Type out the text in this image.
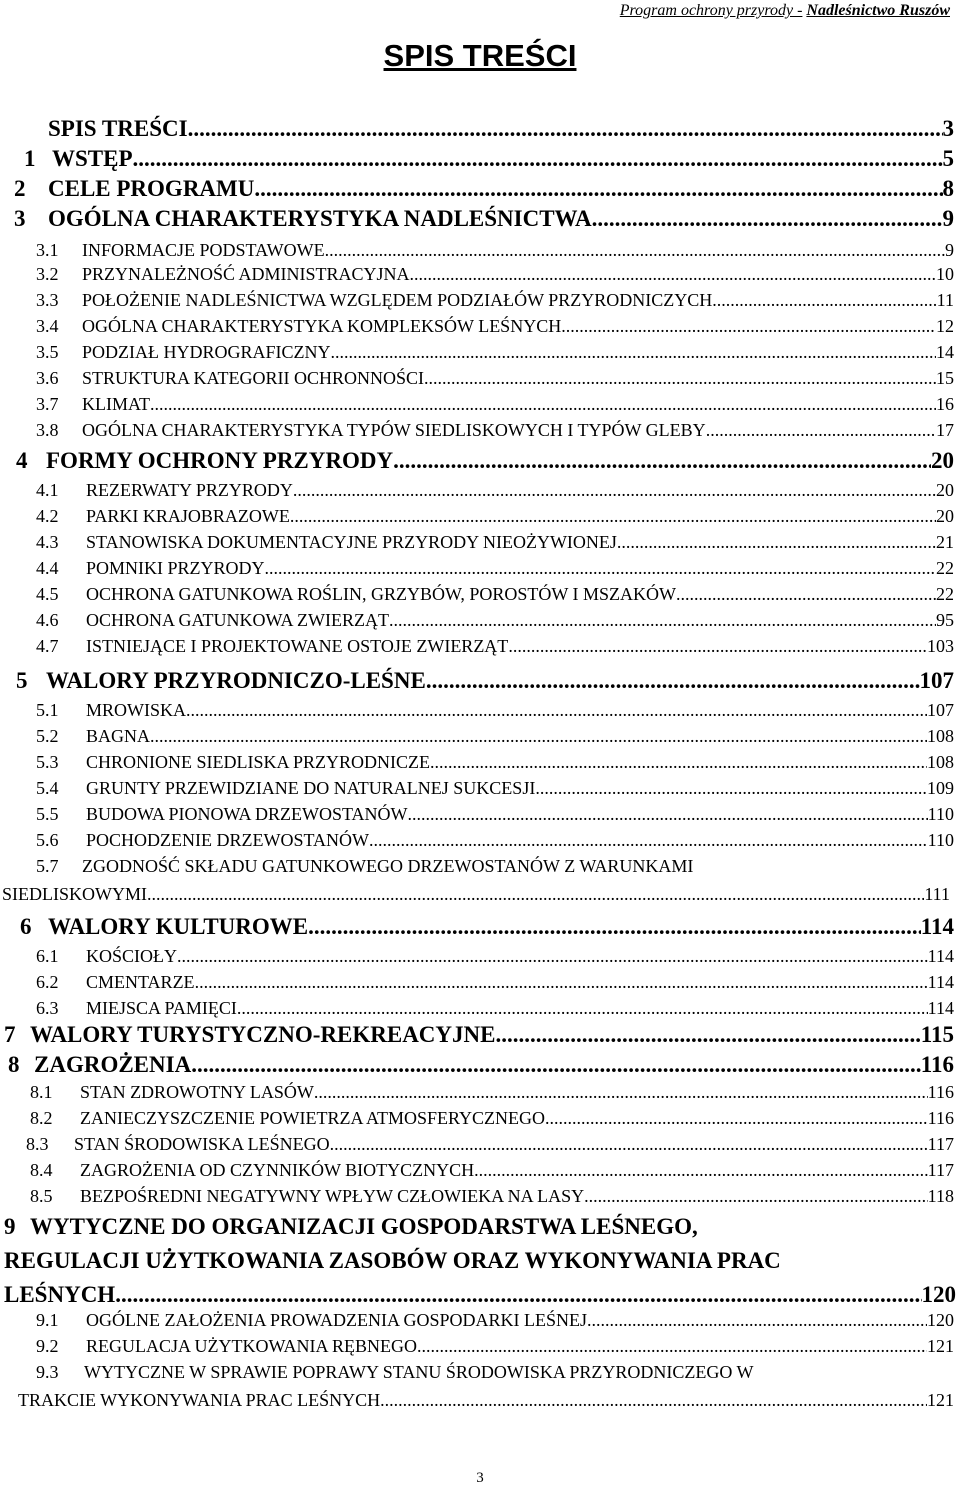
Program ochrony przyrody - Nadleśnictwo Ruszów
SPIS TREŚCI
SPIS TREŚCI .....	3
1 WSTĘP .....	5
2 CELE PROGRAMU .....	8
3 OGÓLNA CHARAKTERYSTYKA NADLEŚNICTWA .....	9
3.1	INFORMACJE PODSTAWOWE .....	9
3.2	PRZYNALEŻNOŚĆ ADMINISTRACYJNA .....	10
3.3	POŁOŻENIE NADLEŚNICTWA WZGLĘDEM PODZIAŁÓW PRZYRODNICZYCH .....	11
3.4	OGÓLNA CHARAKTERYSTYKA KOMPLEKSÓW LEŚNYCH .....	12
3.5	PODZIAŁ HYDROGRAFICZNY .....	14
3.6	STRUKTURA KATEGORII OCHRONNOŚCI .....	15
3.7	KLIMAT .....	16
3.8	OGÓLNA CHARAKTERYSTYKA TYPÓW SIEDLISKOWYCH I TYPÓW GLEBY .....	17
4 FORMY OCHRONY PRZYRODY .....	20
4.1	REZERWATY PRZYRODY .....	20
4.2	PARKI KRAJOBRAZOWE .....	20
4.3	STANOWISKA DOKUMENTACYJNE PRZYRODY NIEOŻYWIONEJ .....	21
4.4	POMNIKI PRZYRODY .....	22
4.5	OCHRONA GATUNKOWA ROŚLIN, GRZYBÓW, POROSTÓW I MSZAKÓW .....	22
4.6	OCHRONA GATUNKOWA ZWIERZĄT .....	95
4.7	ISTNIEJĄCE I PROJEKTOWANE OSTOJE ZWIERZĄT .....	103
5 WALORY PRZYRODNICZO-LEŚNE .....	107
5.1	MROWISKA .....	107
5.2	BAGNA .....	108
5.3	CHRONIONE SIEDLISKA PRZYRODNICZE .....	108
5.4	GRUNTY PRZEWIDZIANE DO NATURALNEJ SUKCESJI .....	109
5.5	BUDOWA PIONOWA DRZEWOSTANÓW .....	110
5.6	POCHODZENIE DRZEWOSTANÓW .....	110
5.7 ZGODNOŚĆ SKŁADU GATUNKOWEGO DRZEWOSTANÓW Z WARUNKAMI
SIEDLISKOWYMI .....	111
6 WALORY KULTUROWE .....	114
6.1	KOŚCIOŁY .....	114
6.2	CMENTARZE .....	114
6.3	MIEJSCA PAMIĘCI .....	114
7 WALORY TURYSTYCZNO-REKREACYJNE .....	115
8 ZAGROŻENIA .....	116
8.1	STAN ZDROWOTNY LASÓW .....	116
8.2	ZANIECZYSZCZENIE POWIETRZA ATMOSFERYCZNEGO .....	116
8.3	STAN ŚRODOWISKA LEŚNEGO .....	117
8.4	ZAGROŻENIA OD CZYNNIKÓW BIOTYCZNYCH .....	117
8.5	BEZPOŚREDNI NEGATYWNY WPŁYW CZŁOWIEKA NA LASY .....	118
9 WYTYCZNE DO ORGANIZACJI GOSPODARSTWA LEŚNEGO,
REGULACJI UŻYTKOWANIA ZASOBÓW ORAZ WYKONYWANIA PRAC
LEŚNYCH .....	120
9.1	OGÓLNE ZAŁOŻENIA PROWADZENIA GOSPODARKI LEŚNEJ .....	120
9.2	REGULACJA UŻYTKOWANIA RĘBNEGO .....	121
9.3 WYTYCZNE W SPRAWIE POPRAWY STANU ŚRODOWISKA PRZYRODNICZEGO W
TRAKCIE WYKONYWANIA PRAC LEŚNYCH .....	121
3
